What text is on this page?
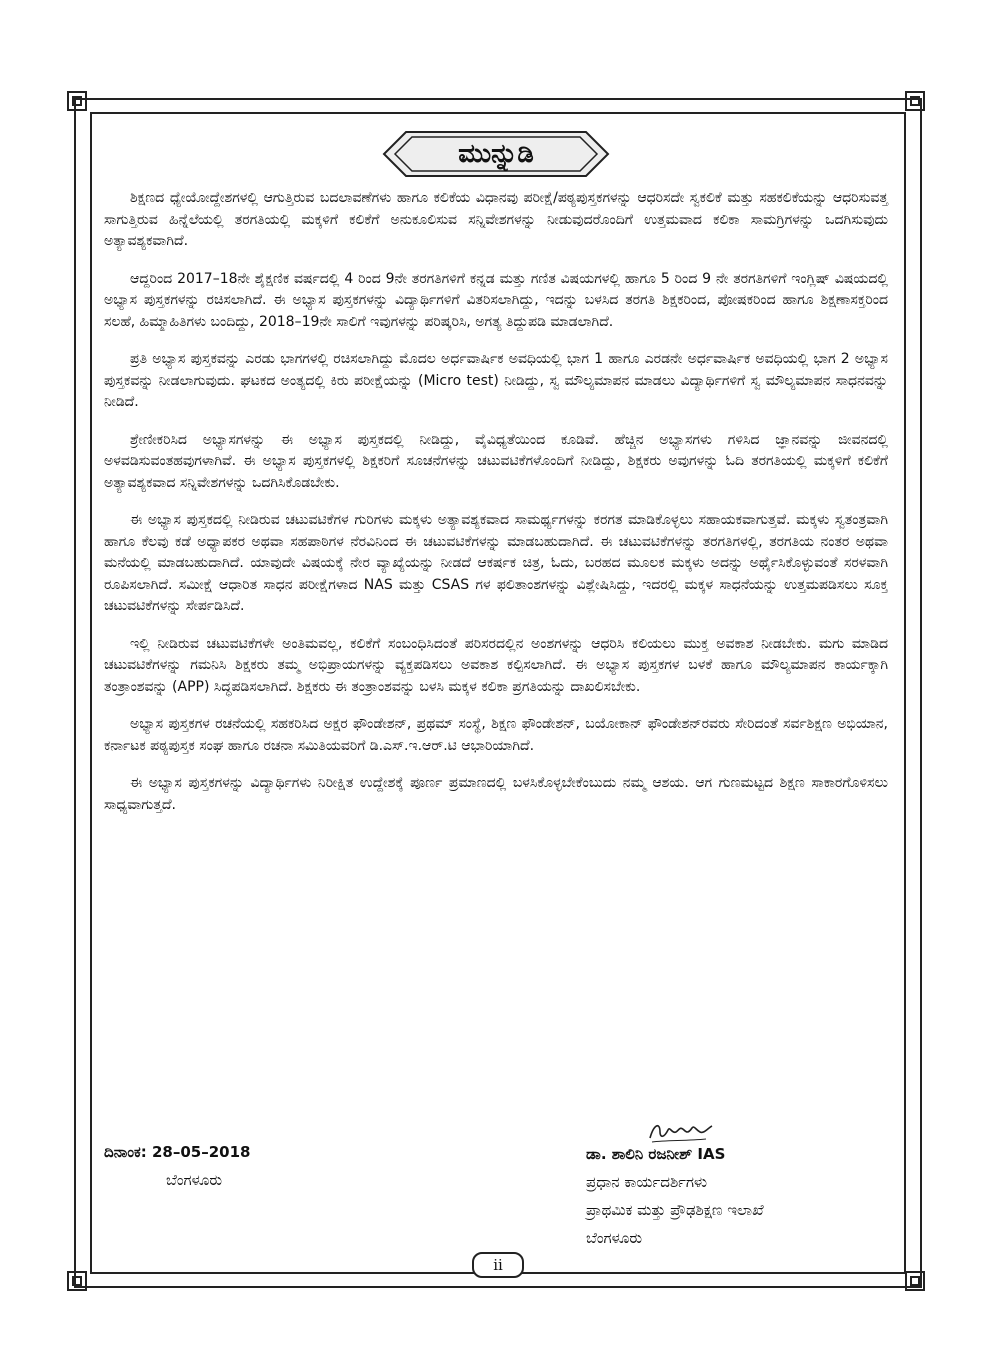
ಮುನ್ನುಡಿ

ಶಿಕ್ಷಣದ ಧ್ಯೇಯೋದ್ದೇಶಗಳಲ್ಲಿ ಆಗುತ್ತಿರುವ ಬದಲಾವಣೆಗಳು ಹಾಗೂ ಕಲಿಕೆಯ ವಿಧಾನವು ಪರೀಕ್ಷೆ/ಪಠ್ಯಪುಸ್ತಕಗಳನ್ನು ಆಧರಿಸದೇ ಸ್ವಕಲಿಕೆ ಮತ್ತು ಸಹಕಲಿಕೆಯನ್ನು ಆಧರಿಸುವತ್ತ ಸಾಗುತ್ತಿರುವ ಹಿನ್ನೆಲೆಯಲ್ಲಿ ತರಗತಿಯಲ್ಲಿ ಮಕ್ಕಳಿಗೆ ಕಲಿಕೆಗೆ ಅನುಕೂಲಿಸುವ ಸನ್ನಿವೇಶಗಳನ್ನು ನೀಡುವುದರೊಂದಿಗೆ ಉತ್ತಮವಾದ ಕಲಿಕಾ ಸಾಮಗ್ರಿಗಳನ್ನು ಒದಗಿಸುವುದು ಅತ್ಯಾವಶ್ಯಕವಾಗಿದೆ.

ಆದ್ದರಿಂದ 2017–18ನೇ ಶೈಕ್ಷಣಿಕ ವರ್ಷದಲ್ಲಿ 4 ರಿಂದ 9ನೇ ತರಗತಿಗಳಿಗೆ ಕನ್ನಡ ಮತ್ತು ಗಣಿತ ವಿಷಯಗಳಲ್ಲಿ ಹಾಗೂ 5 ರಿಂದ 9 ನೇ ತರಗತಿಗಳಿಗೆ ಇಂಗ್ಲಿಷ್ ವಿಷಯದಲ್ಲಿ ಅಭ್ಯಾಸ ಪುಸ್ತಕಗಳನ್ನು ರಚಿಸಲಾಗಿದೆ. ಈ ಅಭ್ಯಾಸ ಪುಸ್ತಕಗಳನ್ನು ವಿದ್ಯಾರ್ಥಿಗಳಿಗೆ ವಿತರಿಸಲಾಗಿದ್ದು, ಇದನ್ನು ಬಳಸಿದ ತರಗತಿ ಶಿಕ್ಷಕರಿಂದ, ಪೋಷಕರಿಂದ ಹಾಗೂ ಶಿಕ್ಷಣಾಸಕ್ತರಿಂದ ಸಲಹೆ, ಹಿಮ್ಮಾಹಿತಿಗಳು ಬಂದಿದ್ದು, 2018–19ನೇ ಸಾಲಿಗೆ ಇವುಗಳನ್ನು ಪರಿಷ್ಕರಿಸಿ, ಅಗತ್ಯ ತಿದ್ದುಪಡಿ ಮಾಡಲಾಗಿದೆ.

ಪ್ರತಿ ಅಭ್ಯಾಸ ಪುಸ್ತಕವನ್ನು ಎರಡು ಭಾಗಗಳಲ್ಲಿ ರಚಿಸಲಾಗಿದ್ದು ಮೊದಲ ಅರ್ಧವಾರ್ಷಿಕ ಅವಧಿಯಲ್ಲಿ ಭಾಗ 1 ಹಾಗೂ ಎರಡನೇ ಅರ್ಧವಾರ್ಷಿಕ ಅವಧಿಯಲ್ಲಿ ಭಾಗ 2 ಅಭ್ಯಾಸ ಪುಸ್ತಕವನ್ನು ನೀಡಲಾಗುವುದು. ಘಟಕದ ಅಂತ್ಯದಲ್ಲಿ ಕಿರು ಪರೀಕ್ಷೆಯನ್ನು (Micro test) ನೀಡಿದ್ದು, ಸ್ವ ಮೌಲ್ಯಮಾಪನ ಮಾಡಲು ವಿದ್ಯಾರ್ಥಿಗಳಿಗೆ ಸ್ವ ಮೌಲ್ಯಮಾಪನ ಸಾಧನವನ್ನು ನೀಡಿದೆ.

ಶ್ರೇಣೀಕರಿಸಿದ ಅಭ್ಯಾಸಗಳನ್ನು ಈ ಅಭ್ಯಾಸ ಪುಸ್ತಕದಲ್ಲಿ ನೀಡಿದ್ದು, ವೈವಿಧ್ಯತೆಯಿಂದ ಕೂಡಿವೆ. ಹೆಚ್ಚಿನ ಅಭ್ಯಾಸಗಳು ಗಳಿಸಿದ ಜ್ಞಾನವನ್ನು ಜೀವನದಲ್ಲಿ ಅಳವಡಿಸುವಂತಹವುಗಳಾಗಿವೆ. ಈ ಅಭ್ಯಾಸ ಪುಸ್ತಕಗಳಲ್ಲಿ ಶಿಕ್ಷಕರಿಗೆ ಸೂಚನೆಗಳನ್ನು ಚಟುವಟಿಕೆಗಳೊಂದಿಗೆ ನೀಡಿದ್ದು, ಶಿಕ್ಷಕರು ಅವುಗಳನ್ನು ಓದಿ ತರಗತಿಯಲ್ಲಿ ಮಕ್ಕಳಿಗೆ ಕಲಿಕೆಗೆ ಅತ್ಯಾವಶ್ಯಕವಾದ ಸನ್ನಿವೇಶಗಳನ್ನು ಒದಗಿಸಿಕೊಡಬೇಕು.

ಈ ಅಭ್ಯಾಸ ಪುಸ್ತಕದಲ್ಲಿ ನೀಡಿರುವ ಚಟುವಟಿಕೆಗಳ ಗುರಿಗಳು ಮಕ್ಕಳು ಅತ್ಯಾವಶ್ಯಕವಾದ ಸಾಮರ್ಥ್ಯಗಳನ್ನು ಕರಗತ ಮಾಡಿಕೊಳ್ಳಲು ಸಹಾಯಕವಾಗುತ್ತವೆ. ಮಕ್ಕಳು ಸ್ವತಂತ್ರವಾಗಿ ಹಾಗೂ ಕೆಲವು ಕಡೆ ಅಧ್ಯಾಪಕರ ಅಥವಾ ಸಹಪಾಠಿಗಳ ನೆರವಿನಿಂದ ಈ ಚಟುವಟಿಕೆಗಳನ್ನು ಮಾಡಬಹುದಾಗಿದೆ. ಈ ಚಟುವಟಿಕೆಗಳನ್ನು ತರಗತಿಗಳಲ್ಲಿ, ತರಗತಿಯ ನಂತರ ಅಥವಾ ಮನೆಯಲ್ಲಿ ಮಾಡಬಹುದಾಗಿದೆ. ಯಾವುದೇ ವಿಷಯಕ್ಕೆ ನೇರ ವ್ಯಾಖ್ಯೆಯನ್ನು ನೀಡದೆ ಆಕರ್ಷಕ ಚಿತ್ರ, ಓದು, ಬರಹದ ಮೂಲಕ ಮಕ್ಕಳು ಅದನ್ನು ಅರ್ಥೈಸಿಕೊಳ್ಳುವಂತೆ ಸರಳವಾಗಿ ರೂಪಿಸಲಾಗಿದೆ. ಸಮೀಕ್ಷೆ ಆಧಾರಿತ ಸಾಧನ ಪರೀಕ್ಷೆಗಳಾದ NAS ಮತ್ತು CSAS ಗಳ ಫಲಿತಾಂಶಗಳನ್ನು ವಿಶ್ಲೇಷಿಸಿದ್ದು, ಇದರಲ್ಲಿ ಮಕ್ಕಳ ಸಾಧನೆಯನ್ನು ಉತ್ತಮಪಡಿಸಲು ಸೂಕ್ತ ಚಟುವಟಿಕೆಗಳನ್ನು ಸೇರ್ಪಡಿಸಿದೆ.

ಇಲ್ಲಿ ನೀಡಿರುವ ಚಟುವಟಿಕೆಗಳೇ ಅಂತಿಮವಲ್ಲ, ಕಲಿಕೆಗೆ ಸಂಬಂಧಿಸಿದಂತೆ ಪರಿಸರದಲ್ಲಿನ ಅಂಶಗಳನ್ನು ಆಧರಿಸಿ ಕಲಿಯಲು ಮುಕ್ತ ಅವಕಾಶ ನೀಡಬೇಕು. ಮಗು ಮಾಡಿದ ಚಟುವಟಿಕೆಗಳನ್ನು ಗಮನಿಸಿ ಶಿಕ್ಷಕರು ತಮ್ಮ ಅಭಿಪ್ರಾಯಗಳನ್ನು ವ್ಯಕ್ತಪಡಿಸಲು ಅವಕಾಶ ಕಲ್ಪಿಸಲಾಗಿದೆ. ಈ ಅಭ್ಯಾಸ ಪುಸ್ತಕಗಳ ಬಳಕೆ ಹಾಗೂ ಮೌಲ್ಯಮಾಪನ ಕಾರ್ಯಕ್ಕಾಗಿ ತಂತ್ರಾಂಶವನ್ನು (APP) ಸಿದ್ಧಪಡಿಸಲಾಗಿದೆ. ಶಿಕ್ಷಕರು ಈ ತಂತ್ರಾಂಶವನ್ನು ಬಳಸಿ ಮಕ್ಕಳ ಕಲಿಕಾ ಪ್ರಗತಿಯನ್ನು ದಾಖಲಿಸಬೇಕು.

ಅಭ್ಯಾಸ ಪುಸ್ತಕಗಳ ರಚನೆಯಲ್ಲಿ ಸಹಕರಿಸಿದ ಅಕ್ಷರ ಫೌಂಡೇಶನ್, ಪ್ರಥಮ್ ಸಂಸ್ಥೆ, ಶಿಕ್ಷಣ ಫೌಂಡೇಶನ್, ಬಯೋಕಾನ್ ಫೌಂಡೇಶನ್‌ರವರು ಸೇರಿದಂತೆ ಸರ್ವಶಿಕ್ಷಣ ಅಭಿಯಾನ, ಕರ್ನಾಟಕ ಪಠ್ಯಪುಸ್ತಕ ಸಂಘ ಹಾಗೂ ರಚನಾ ಸಮಿತಿಯವರಿಗೆ ಡಿ.ಎಸ್.ಇ.ಆರ್.ಟಿ ಆಭಾರಿಯಾಗಿದೆ.

ಈ ಅಭ್ಯಾಸ ಪುಸ್ತಕಗಳನ್ನು ವಿದ್ಯಾರ್ಥಿಗಳು ನಿರೀಕ್ಷಿತ ಉದ್ದೇಶಕ್ಕೆ ಪೂರ್ಣ ಪ್ರಮಾಣದಲ್ಲಿ ಬಳಸಿಕೊಳ್ಳಬೇಕೆಂಬುದು ನಮ್ಮ ಆಶಯ. ಆಗ ಗುಣಮಟ್ಟದ ಶಿಕ್ಷಣ ಸಾಕಾರಗೊಳಿಸಲು ಸಾಧ್ಯವಾಗುತ್ತದೆ.

ದಿನಾಂಕ: 28–05–2018
ಬೆಂಗಳೂರು
ಡಾ. ಶಾಲಿನಿ ರಜನೀಶ್ IAS
ಪ್ರಧಾನ ಕಾರ್ಯದರ್ಶಿಗಳು
ಪ್ರಾಥಮಿಕ ಮತ್ತು ಪ್ರೌಢಶಿಕ್ಷಣ ಇಲಾಖೆ
ಬೆಂಗಳೂರು
ii
